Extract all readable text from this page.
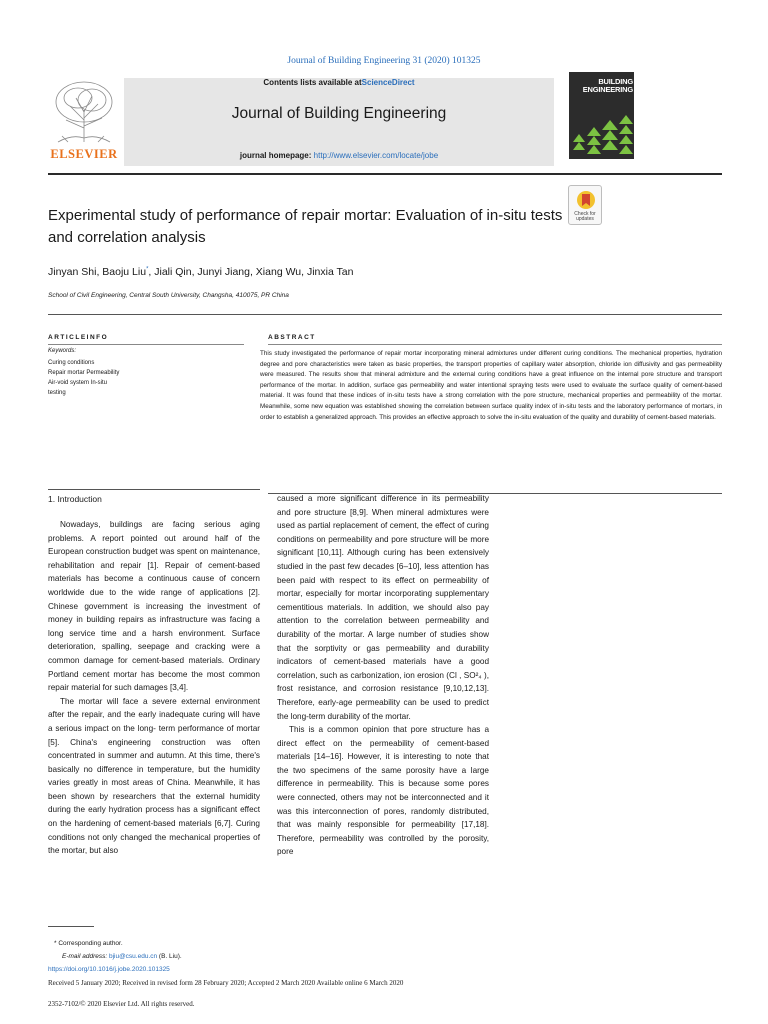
Journal of Building Engineering 31 (2020) 101325
ELSEVIER
Contents lists available atScienceDirect
Journal of Building Engineering
journal homepage: http://www.elsevier.com/locate/jobe
BUILDING
ENGINEERING
Experimental study of performance of repair mortar: Evaluation of in-situ tests and correlation analysis
Check for updates
Jinyan Shi, Baoju Liu*, Jiali Qin, Junyi Jiang, Xiang Wu, Jinxia Tan
School of Civil Engineering, Central South University, Changsha, 410075, PR China
ARTICLEINFO
Keywords:
Curing conditions
Repair mortar Permeability
Air-void system In-situ
testing
ABSTRACT
This study investigated the performance of repair mortar incorporating mineral admixtures under different curing conditions. The mechanical properties, hydration degree and pore characteristics were taken as basic properties, the transport properties of capillary water absorption, chloride ion diffusivity and gas permeability were measured. The results show that mineral admixture and the external curing conditions have a great influence on the internal pore structure and transport performance of the mortar. In addition, surface gas permeability and water intentional spraying tests were used to evaluate the surface quality of cement-based material. It was found that these indices of in-situ tests have a strong correlation with the pore structure, mechanical properties and permeability of the mortar. Meanwhile, some new equation was established showing the correlation between surface quality index of in-situ tests and the laboratory performance of mortars, in order to establish a generalized approach. This provides an effective approach to solve the in-situ evaluation of the quality and durability of cement-based materials.
1. Introduction

Nowadays, buildings are facing serious aging problems. A report pointed out around half of the European construction budget was spent on maintenance, rehabilitation and repair [1]. Repair of cement-based materials has become a continuous cause of concern worldwide due to the wide range of applications [2]. Chinese government is increasing the investment of money in building repairs as infrastructure was facing a long service time and a harsh environment. Surface deterioration, spalling, seepage and cracking were a common damage for cement-based materials. Ordinary Portland cement mortar has become the most common repair material for such damages [3,4].

The mortar will face a severe external environment after the repair, and the early inadequate curing will have a serious impact on the long- term performance of mortar [5]. China's engineering construction was often concentrated in summer and autumn. At this time, there's basically no difference in temperature, but the humidity varies greatly in most areas of China. Meanwhile, it has been shown by researchers that the external humidity during the early hydration process has a significant effect on the hardening of cement-based materials [6,7]. Curing conditions not only changed the mechanical properties of the mortar, but also

caused a more significant difference in its permeability and pore structure [8,9]. When mineral admixtures were used as partial replacement of cement, the effect of curing conditions on permeability and pore structure will be more significant [10,11]. Although curing has been extensively studied in the past few decades [6–10], less attention has been paid with respect to its effect on permeability of mortar, especially for mortar incorporating supplementary cementitious materials. In addition, we should also pay attention to the correlation between permeability and durability of the mortar. A large number of studies show that the sorptivity or gas permeability and durability indicators of cement-based materials have a good correlation, such as carbonization, ion erosion (Cl , SO²₄ ), frost resistance, and corrosion resistance [9,10,12,13]. Therefore, early-age permeability can be used to predict the long-term durability of the mortar.

This is a common opinion that pore structure has a direct effect on the permeability of cement-based materials [14–16]. However, it is interesting to note that the two specimens of the same porosity have a large difference in permeability. This is because some pores were connected, others may not be interconnected and it was this interconnection of pores, randomly distributed, that was mainly responsible for permeability [17,18]. Therefore, permeability was controlled by the porosity, pore

* Corresponding author.
E-mail address: bjiu@csu.edu.cn (B. Liu).
https://doi.org/10.1016/j.jobe.2020.101325
Received 5 January 2020; Received in revised form 28 February 2020; Accepted 2 March 2020 Available online 6 March 2020
2352-7102/© 2020 Elsevier Ltd. All rights reserved.
